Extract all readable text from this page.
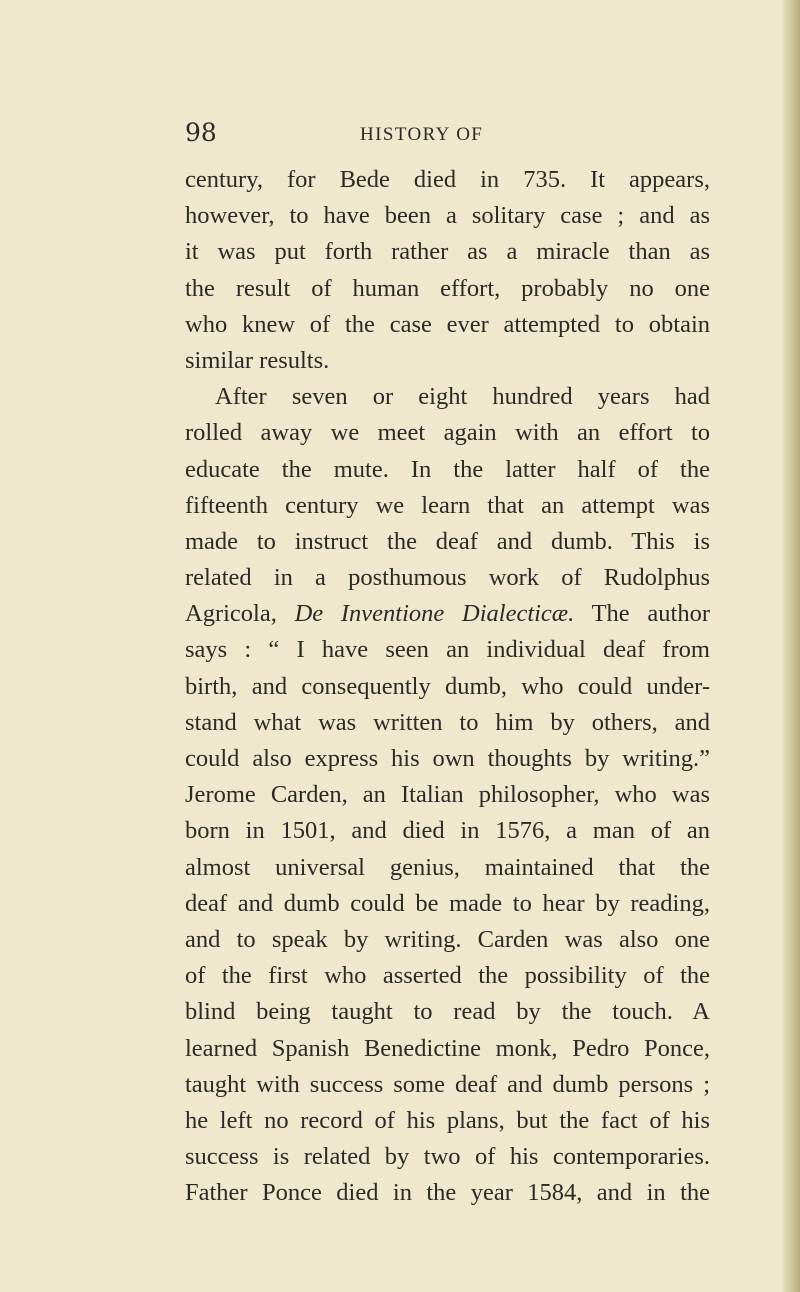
98	HISTORY OF
century, for Bede died in 735. It appears,
however, to have been a solitary case ; and as
it was put forth rather as a miracle than as
the result of human effort, probably no one
who knew of the case ever attempted to obtain
similar results.
After seven or eight hundred years had
rolled away we meet again with an effort to
educate the mute. In the latter half of the
fifteenth century we learn that an attempt was
made to instruct the deaf and dumb. This is
related in a posthumous work of Rudolphus
Agricola, De Inventione Dialecticæ. The author
says : “ I have seen an individual deaf from
birth, and consequently dumb, who could under-
stand what was written to him by others, and
could also express his own thoughts by writing.”
Jerome Carden, an Italian philosopher, who was
born in 1501, and died in 1576, a man of an
almost universal genius, maintained that the
deaf and dumb could be made to hear by reading,
and to speak by writing. Carden was also one
of the first who asserted the possibility of the
blind being taught to read by the touch. A
learned Spanish Benedictine monk, Pedro Ponce,
taught with success some deaf and dumb persons ;
he left no record of his plans, but the fact of his
success is related by two of his contemporaries.
Father Ponce died in the year 1584, and in the
